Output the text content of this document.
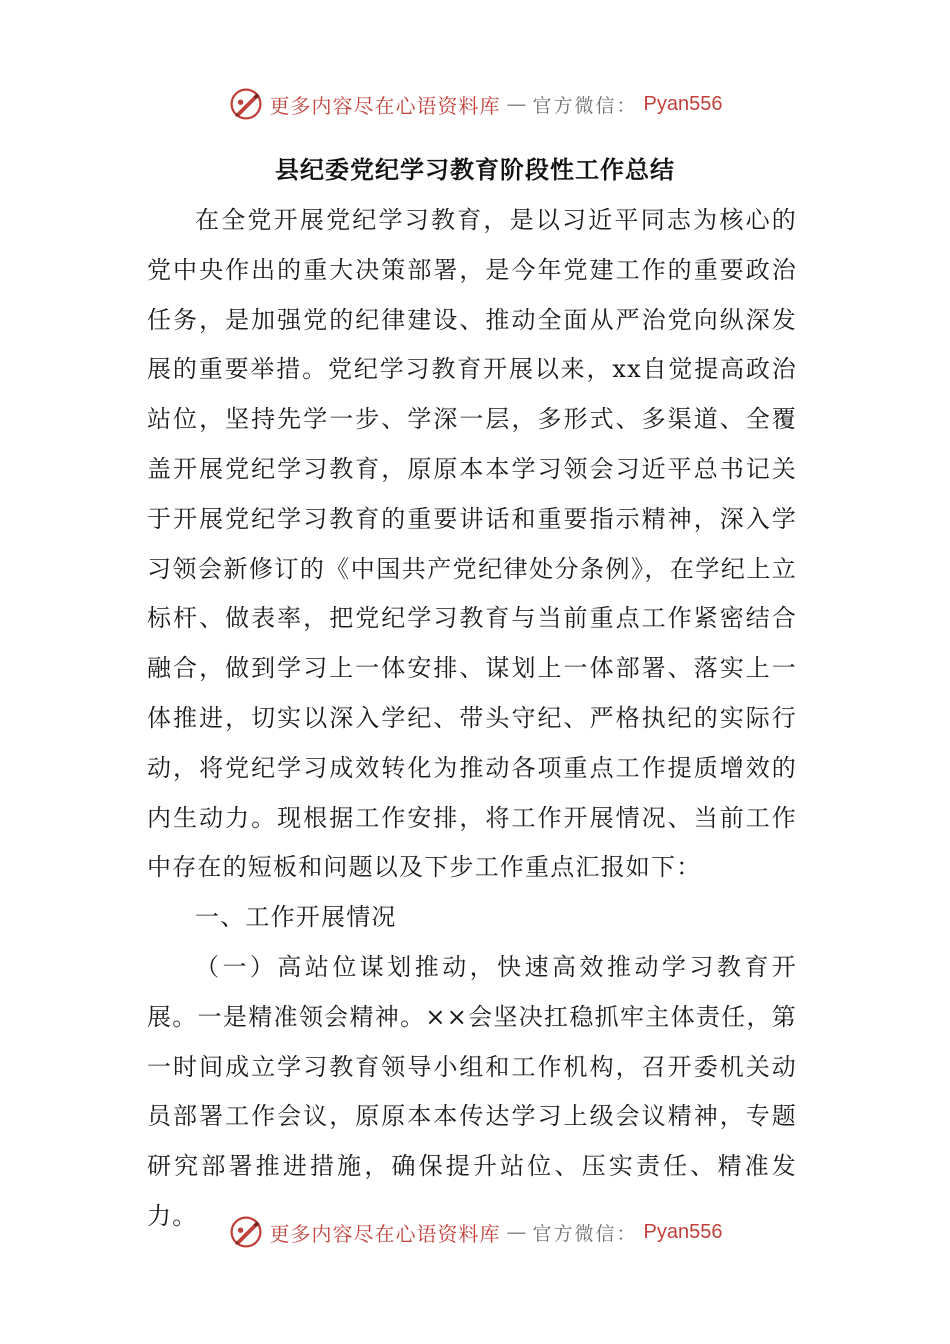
更多内容尽在心语资料库 — 官方微信： Pyan556
县纪委党纪学习教育阶段性工作总结

在全党开展党纪学习教育，是以习近平同志为核心的党中央作出的重大决策部署，是今年党建工作的重要政治任务，是加强党的纪律建设、推动全面从严治党向纵深发展的重要举措。党纪学习教育开展以来，xx自觉提高政治站位，坚持先学一步、学深一层，多形式、多渠道、全覆盖开展党纪学习教育，原原本本学习领会习近平总书记关于开展党纪学习教育的重要讲话和重要指示精神，深入学习领会新修订的《中国共产党纪律处分条例》，在学纪上立标杆、做表率，把党纪学习教育与当前重点工作紧密结合融合，做到学习上一体安排、谋划上一体部署、落实上一体推进，切实以深入学纪、带头守纪、严格执纪的实际行动，将党纪学习成效转化为推动各项重点工作提质增效的内生动力。现根据工作安排，将工作开展情况、当前工作中存在的短板和问题以及下步工作重点汇报如下：

一、工作开展情况

（一）高站位谋划推动，快速高效推动学习教育开展。一是精准领会精神。××会坚决扛稳抓牢主体责任，第一时间成立学习教育领导小组和工作机构，召开委机关动员部署工作会议，原原本本传达学习上级会议精神，专题研究部署推进措施，确保提升站位、压实责任、精准发力。

更多内容尽在心语资料库 — 官方微信： Pyan556
